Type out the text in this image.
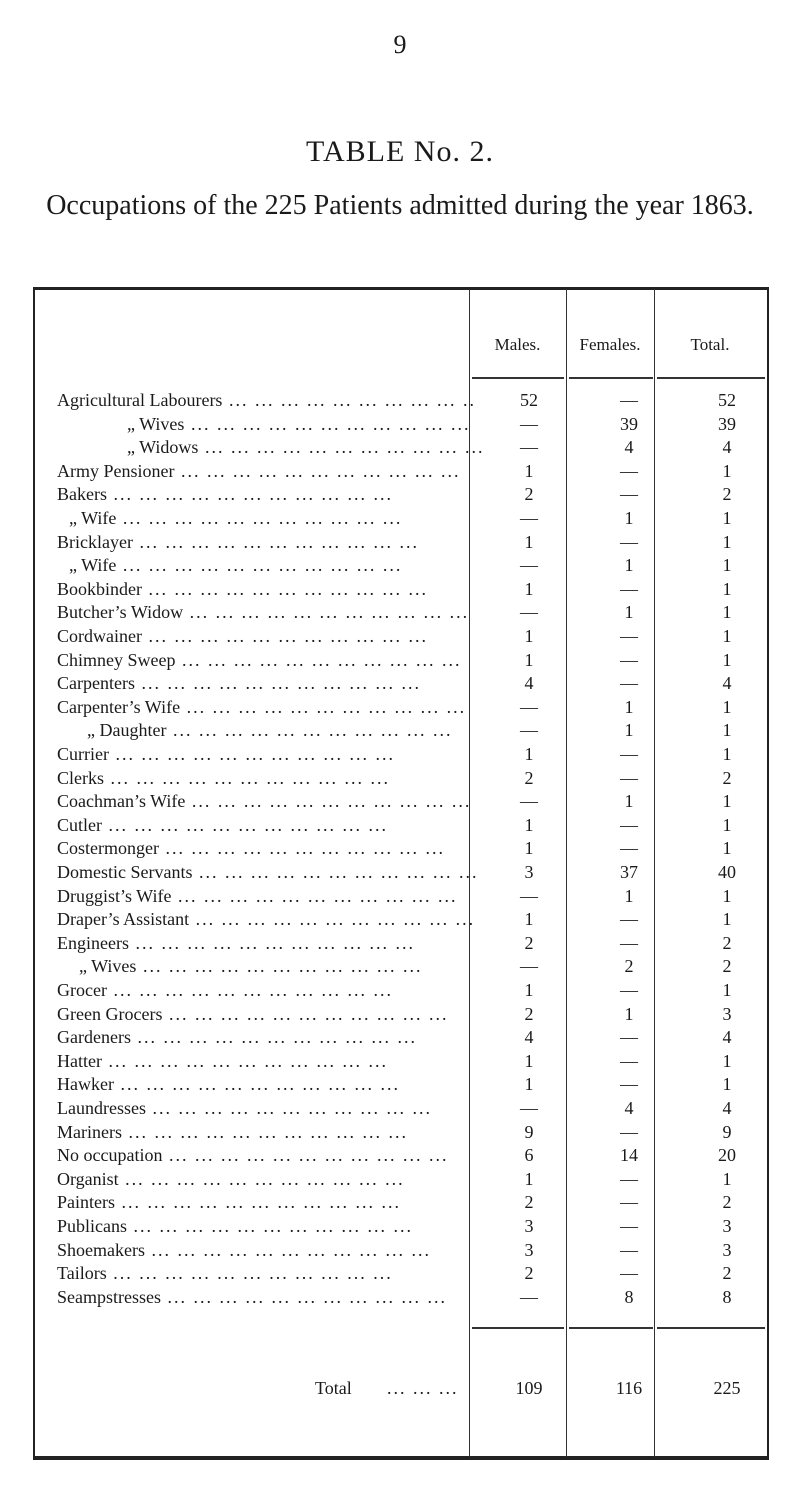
9
TABLE No. 2.
Occupations of the 225 Patients admitted during the year 1863.
Males.	Females.	Total.
Agricultural Labourers ... .	52	—	52
„ Wives ... .	—	39	39
„ Widows ... .	—	4	4
Army Pensioner ... .	1	—	1
Bakers ... .	2	—	2
„ Wife ... .	—	1	1
Bricklayer ... .	1	—	1
„ Wife ... .	—	1	1
Bookbinder ... .	1	—	1
Butcher’s Widow ... .	—	1	1
Cordwainer ... .	1	—	1
Chimney Sweep ... .	1	—	1
Carpenters ... .	4	—	4
Carpenter’s Wife ... .	—	1	1
„ Daughter ... .	—	1	1
Currier ... .	1	—	1
Clerks ... .	2	—	2
Coachman’s Wife ... .	—	1	1
Cutler ... .	1	—	1
Costermonger ... .	1	—	1
Domestic Servants ... .	3	37	40
Druggist’s Wife ... .	—	1	1
Draper’s Assistant ... .	1	—	1
Engineers ... .	2	—	2
„ Wives ... .	—	2	2
Grocer ... .	1	—	1
Green Grocers ... .	2	1	3
Gardeners ... .	4	—	4
Hatter ... .	1	—	1
Hawker ... .	1	—	1
Laundresses ... .	—	4	4
Mariners ... .	9	—	9
No occupation ... .	6	14	20
Organist ... .	1	—	1
Painters ... .	2	—	2
Publicans ... .	3	—	3
Shoemakers ... .	3	—	3
Tailors ... .	2	—	2
Seampstresses ... .	—	8	8
Total ... ... ...	109	116	225
